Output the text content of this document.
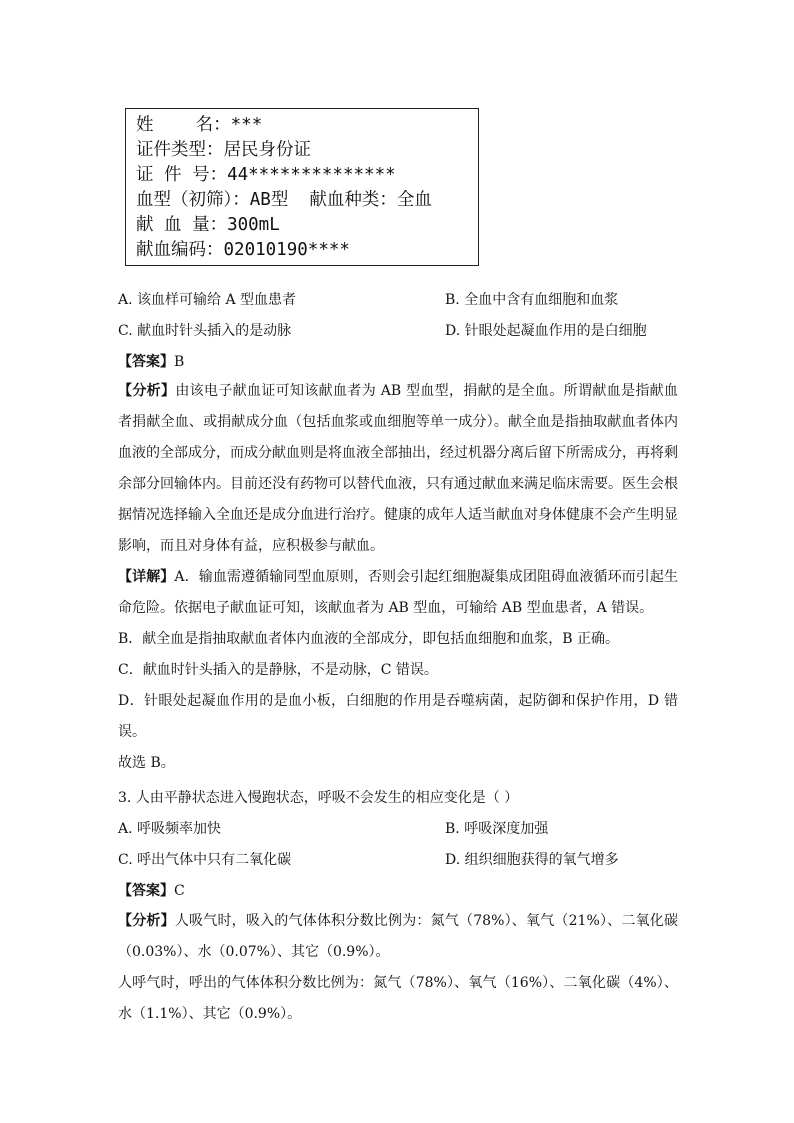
姓    名：***
证件类型：居民身份证
证 件 号：44**************
血型（初筛）：AB型  献血种类：全血
献 血 量：300mL
献血编码：02010190****
A. 该血样可输给 A 型血患者	B. 全血中含有血细胞和血浆
C. 献血时针头插入的是动脉	D. 针眼处起凝血作用的是白细胞
【答案】B
【分析】由该电子献血证可知该献血者为 AB 型血型，捐献的是全血。所谓献血是指献血者捐献全血、或捐献成分血（包括血浆或血细胞等单一成分）。献全血是指抽取献血者体内血液的全部成分，而成分献血则是将血液全部抽出，经过机器分离后留下所需成分，再将剩余部分回输体内。目前还没有药物可以替代血液，只有通过献血来满足临床需要。医生会根据情况选择输入全血还是成分血进行治疗。健康的成年人适当献血对身体健康不会产生明显影响，而且对身体有益，应积极参与献血。
【详解】A．输血需遵循输同型血原则，否则会引起红细胞凝集成团阻碍血液循环而引起生命危险。依据电子献血证可知，该献血者为 AB 型血，可输给 AB 型血患者，A 错误。
B．献全血是指抽取献血者体内血液的全部成分，即包括血细胞和血浆，B 正确。
C．献血时针头插入的是静脉，不是动脉，C 错误。
D．针眼处起凝血作用的是血小板，白细胞的作用是吞噬病菌，起防御和保护作用，D 错误。
故选 B。
3. 人由平静状态进入慢跑状态，呼吸不会发生的相应变化是（ ）
A. 呼吸频率加快	B. 呼吸深度加强
C. 呼出气体中只有二氧化碳	D. 组织细胞获得的氧气增多
【答案】C
【分析】人吸气时，吸入的气体体积分数比例为：氮气（78%）、氧气（21%）、二氧化碳（0.03%）、水（0.07%）、其它（0.9%）。
人呼气时，呼出的气体体积分数比例为：氮气（78%）、氧气（16%）、二氧化碳（4%）、水（1.1%）、其它（0.9%）。
